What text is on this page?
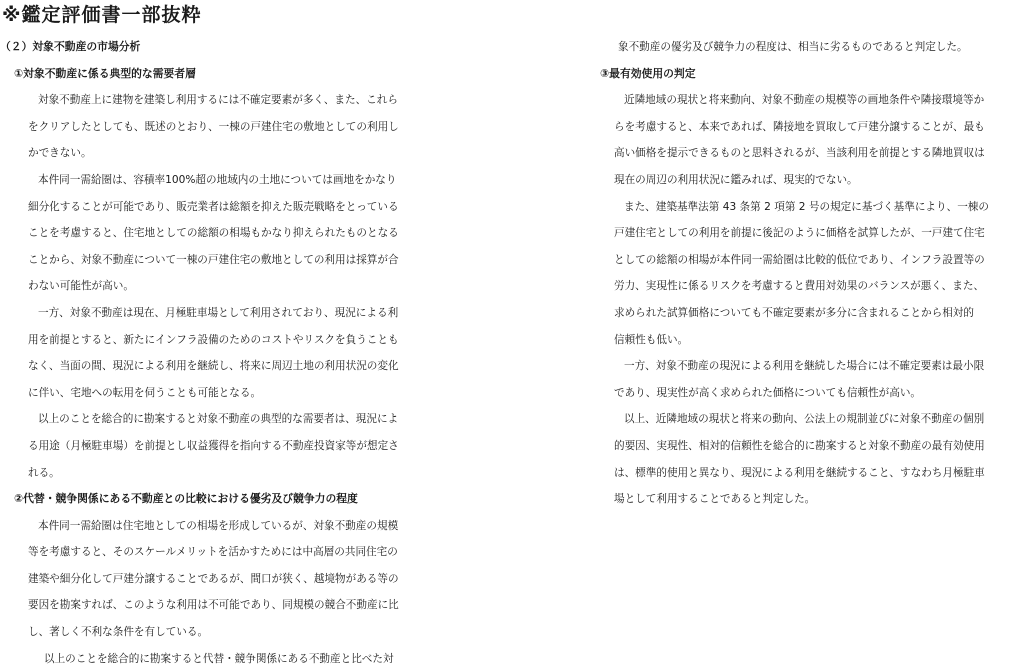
※鑑定評価書一部抜粋
（２）対象不動産の市場分析
①対象不動産に係る典型的な需要者層
対象不動産上に建物を建築し利用するには不確定要素が多く、また、これら
をクリアしたとしても、既述のとおり、一棟の戸建住宅の敷地としての利用し
かできない。
本件同一需給圏は、容積率100%超の地域内の土地については画地をかなり
細分化することが可能であり、販売業者は総額を抑えた販売戦略をとっている
ことを考慮すると、住宅地としての総額の相場もかなり抑えられたものとなる
ことから、対象不動産について一棟の戸建住宅の敷地としての利用は採算が合
わない可能性が高い。
一方、対象不動産は現在、月極駐車場として利用されており、現況による利
用を前提とすると、新たにインフラ設備のためのコストやリスクを負うことも
なく、当面の間、現況による利用を継続し、将来に周辺土地の利用状況の変化
に伴い、宅地への転用を伺うことも可能となる。
以上のことを総合的に勘案すると対象不動産の典型的な需要者は、現況によ
る用途（月極駐車場）を前提とし収益獲得を指向する不動産投資家等が想定さ
れる。
②代替・競争関係にある不動産との比較における優劣及び競争力の程度
本件同一需給圏は住宅地としての相場を形成しているが、対象不動産の規模
等を考慮すると、そのスケールメリットを活かすためには中高層の共同住宅の
建築や細分化して戸建分譲することであるが、間口が狭く、越境物がある等の
要因を勘案すれば、このような利用は不可能であり、同規模の競合不動産に比
し、著しく不利な条件を有している。
以上のことを総合的に勘案すると代替・競争関係にある不動産と比べた対
象不動産の優劣及び競争力の程度は、相当に劣るものであると判定した。
③最有効使用の判定
近隣地域の現状と将来動向、対象不動産の規模等の画地条件や隣接環境等か
らを考慮すると、本来であれば、隣接地を買取して戸建分譲することが、最も
高い価格を提示できるものと思料されるが、当該利用を前提とする隣地買収は
現在の周辺の利用状況に鑑みれば、現実的でない。
また、建築基準法第 43 条第 2 項第 2 号の規定に基づく基準により、一棟の
戸建住宅としての利用を前提に後記のように価格を試算したが、一戸建て住宅
としての総額の相場が本件同一需給圏は比較的低位であり、インフラ設置等の
労力、実現性に係るリスクを考慮すると費用対効果のバランスが悪く、また、
求められた試算価格についても不確定要素が多分に含まれることから相対的
信頼性も低い。
一方、対象不動産の現況による利用を継続した場合には不確定要素は最小限
であり、現実性が高く求められた価格についても信頼性が高い。
以上、近隣地域の現状と将来の動向、公法上の規制並びに対象不動産の個別
的要因、実現性、相対的信頼性を総合的に勘案すると対象不動産の最有効使用
は、標準的使用と異なり、現況による利用を継続すること、すなわち月極駐車
場として利用することであると判定した。
